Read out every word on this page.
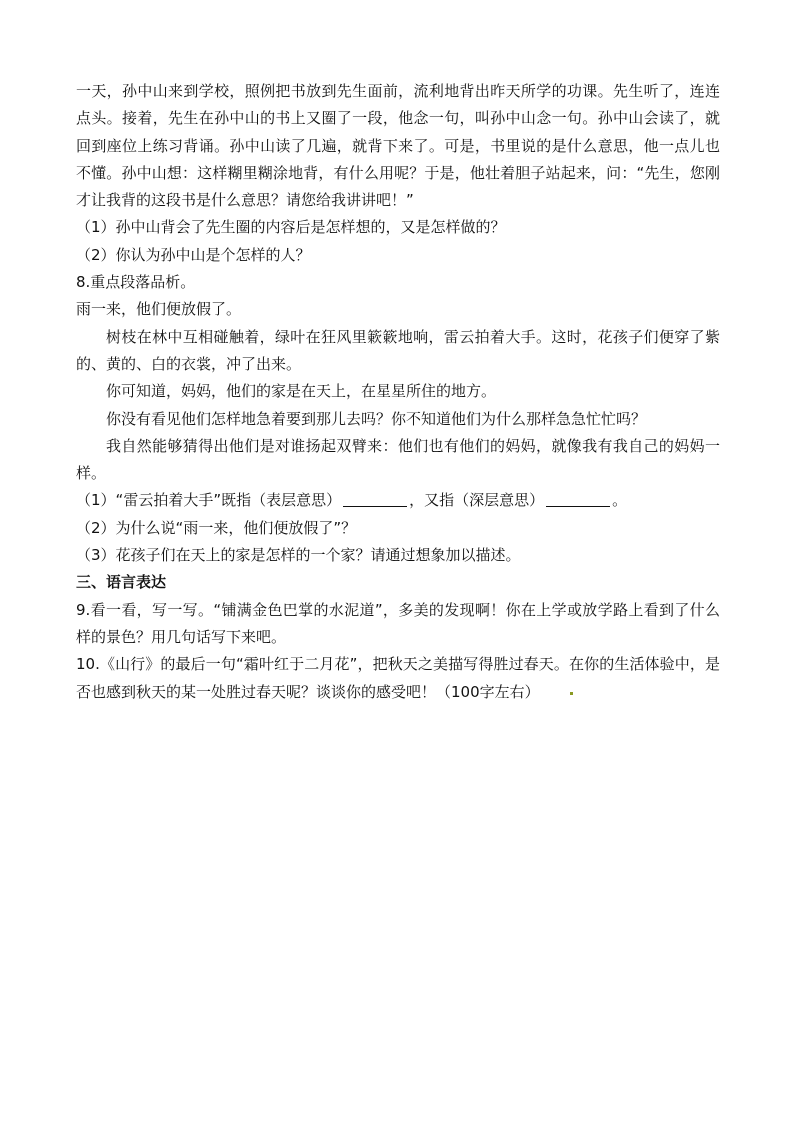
一天，孙中山来到学校，照例把书放到先生面前，流利地背出昨天所学的功课。先生听了，连连点头。接着，先生在孙中山的书上又圈了一段，他念一句，叫孙中山念一句。孙中山会读了，就回到座位上练习背诵。孙中山读了几遍，就背下来了。可是，书里说的是什么意思，他一点儿也不懂。孙中山想：这样糊里糊涂地背，有什么用呢？于是，他壮着胆子站起来，问：“先生，您刚才让我背的这段书是什么意思？请您给我讲讲吧！”

（1）孙中山背会了先生圈的内容后是怎样想的，又是怎样做的？

（2）你认为孙中山是个怎样的人？

8.重点段落品析。

雨一来，他们便放假了。

树枝在林中互相碰触着，绿叶在狂风里簌簌地响，雷云拍着大手。这时，花孩子们便穿了紫的、黄的、白的衣裳，冲了出来。

你可知道，妈妈，他们的家是在天上，在星星所住的地方。

你没有看见他们怎样地急着要到那儿去吗？你不知道他们为什么那样急急忙忙吗？

我自然能够猜得出他们是对谁扬起双臂来：他们也有他们的妈妈，就像我有我自己的妈妈一样。

（1）“雷云拍着大手”既指（表层意思）	，又指（深层意思）	。

（2）为什么说“雨一来，他们便放假了”？

（3）花孩子们在天上的家是怎样的一个家？请通过想象加以描述。

三、语言表达

9.看一看，写一写。“铺满金色巴掌的水泥道”，多美的发现啊！你在上学或放学路上看到了什么样的景色？用几句话写下来吧。

10.《山行》的最后一句“霜叶红于二月花”，把秋天之美描写得胜过春天。在你的生活体验中，是否也感到秋天的某一处胜过春天呢？谈谈你的感受吧！（100字左右）
